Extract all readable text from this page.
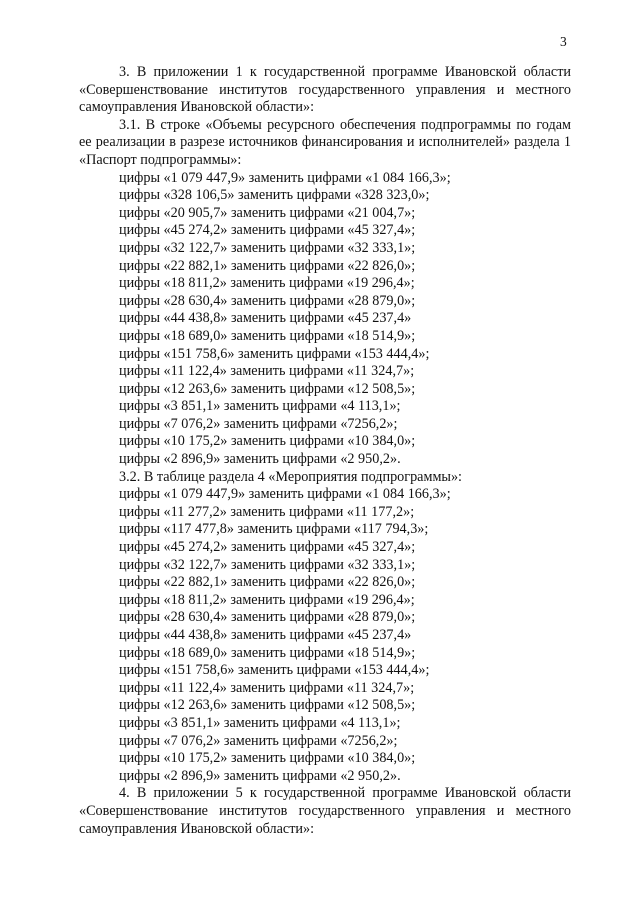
3

3. В приложении 1 к государственной программе Ивановской области «Совершенствование институтов государственного управления и местного самоуправления Ивановской области»:

3.1. В строке «Объемы ресурсного обеспечения подпрограммы по годам ее реализации в разрезе источников финансирования и исполнителей» раздела 1 «Паспорт подпрограммы»:

цифры «1 079 447,9» заменить цифрами «1 084 166,3»;
цифры «328 106,5» заменить цифрами «328 323,0»;
цифры «20 905,7» заменить цифрами «21 004,7»;
цифры «45 274,2» заменить цифрами «45 327,4»;
цифры «32 122,7» заменить цифрами «32 333,1»;
цифры «22 882,1» заменить цифрами «22 826,0»;
цифры «18 811,2» заменить цифрами «19 296,4»;
цифры «28 630,4» заменить цифрами «28 879,0»;
цифры «44 438,8» заменить цифрами «45 237,4»
цифры «18 689,0» заменить цифрами «18 514,9»;
цифры «151 758,6» заменить цифрами «153 444,4»;
цифры «11 122,4» заменить цифрами «11 324,7»;
цифры «12 263,6» заменить цифрами «12 508,5»;
цифры «3 851,1» заменить цифрами «4 113,1»;
цифры «7 076,2» заменить цифрами «7256,2»;
цифры «10 175,2» заменить цифрами «10 384,0»;
цифры «2 896,9» заменить цифрами «2 950,2».

3.2. В таблице раздела 4 «Мероприятия подпрограммы»:

цифры «1 079 447,9» заменить цифрами «1 084 166,3»;
цифры «11 277,2» заменить цифрами «11 177,2»;
цифры «117 477,8» заменить цифрами «117 794,3»;
цифры «45 274,2» заменить цифрами «45 327,4»;
цифры «32 122,7» заменить цифрами «32 333,1»;
цифры «22 882,1» заменить цифрами «22 826,0»;
цифры «18 811,2» заменить цифрами «19 296,4»;
цифры «28 630,4» заменить цифрами «28 879,0»;
цифры «44 438,8» заменить цифрами «45 237,4»
цифры «18 689,0» заменить цифрами «18 514,9»;
цифры «151 758,6» заменить цифрами «153 444,4»;
цифры «11 122,4» заменить цифрами «11 324,7»;
цифры «12 263,6» заменить цифрами «12 508,5»;
цифры «3 851,1» заменить цифрами «4 113,1»;
цифры «7 076,2» заменить цифрами «7256,2»;
цифры «10 175,2» заменить цифрами «10 384,0»;
цифры «2 896,9» заменить цифрами «2 950,2».

4. В приложении 5 к государственной программе Ивановской области «Совершенствование институтов государственного управления и местного самоуправления Ивановской области»:
